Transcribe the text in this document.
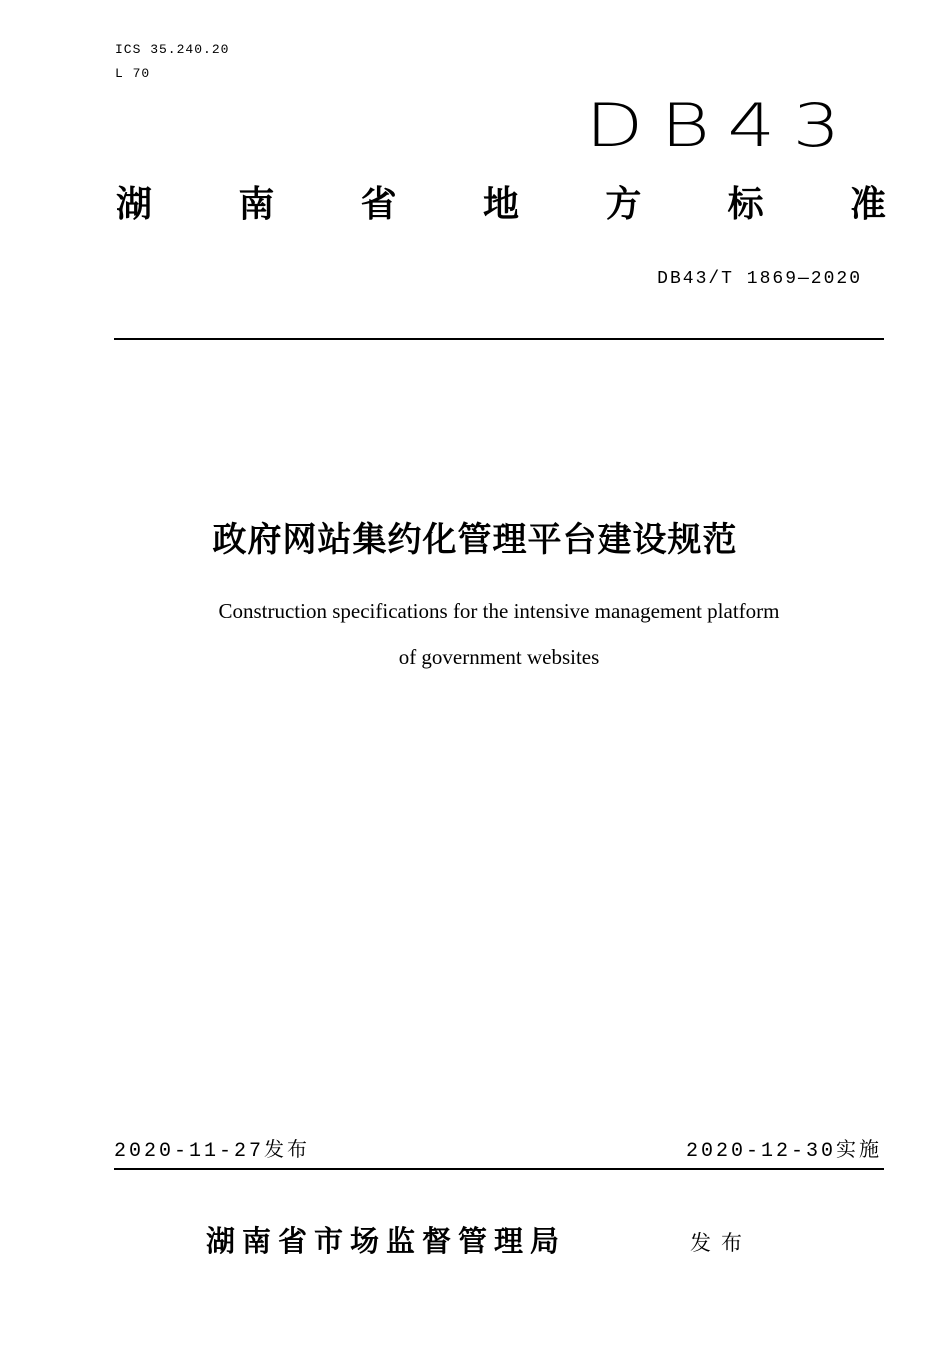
ICS 35.240.20
L 70
DB43
湖 南 省 地 方 标 准
DB43/T 1869—2020
政府网站集约化管理平台建设规范
Construction specifications for the intensive management platform
of government websites
2020-11-27发布	2020-12-30实施
湖南省市场监督管理局	发布
